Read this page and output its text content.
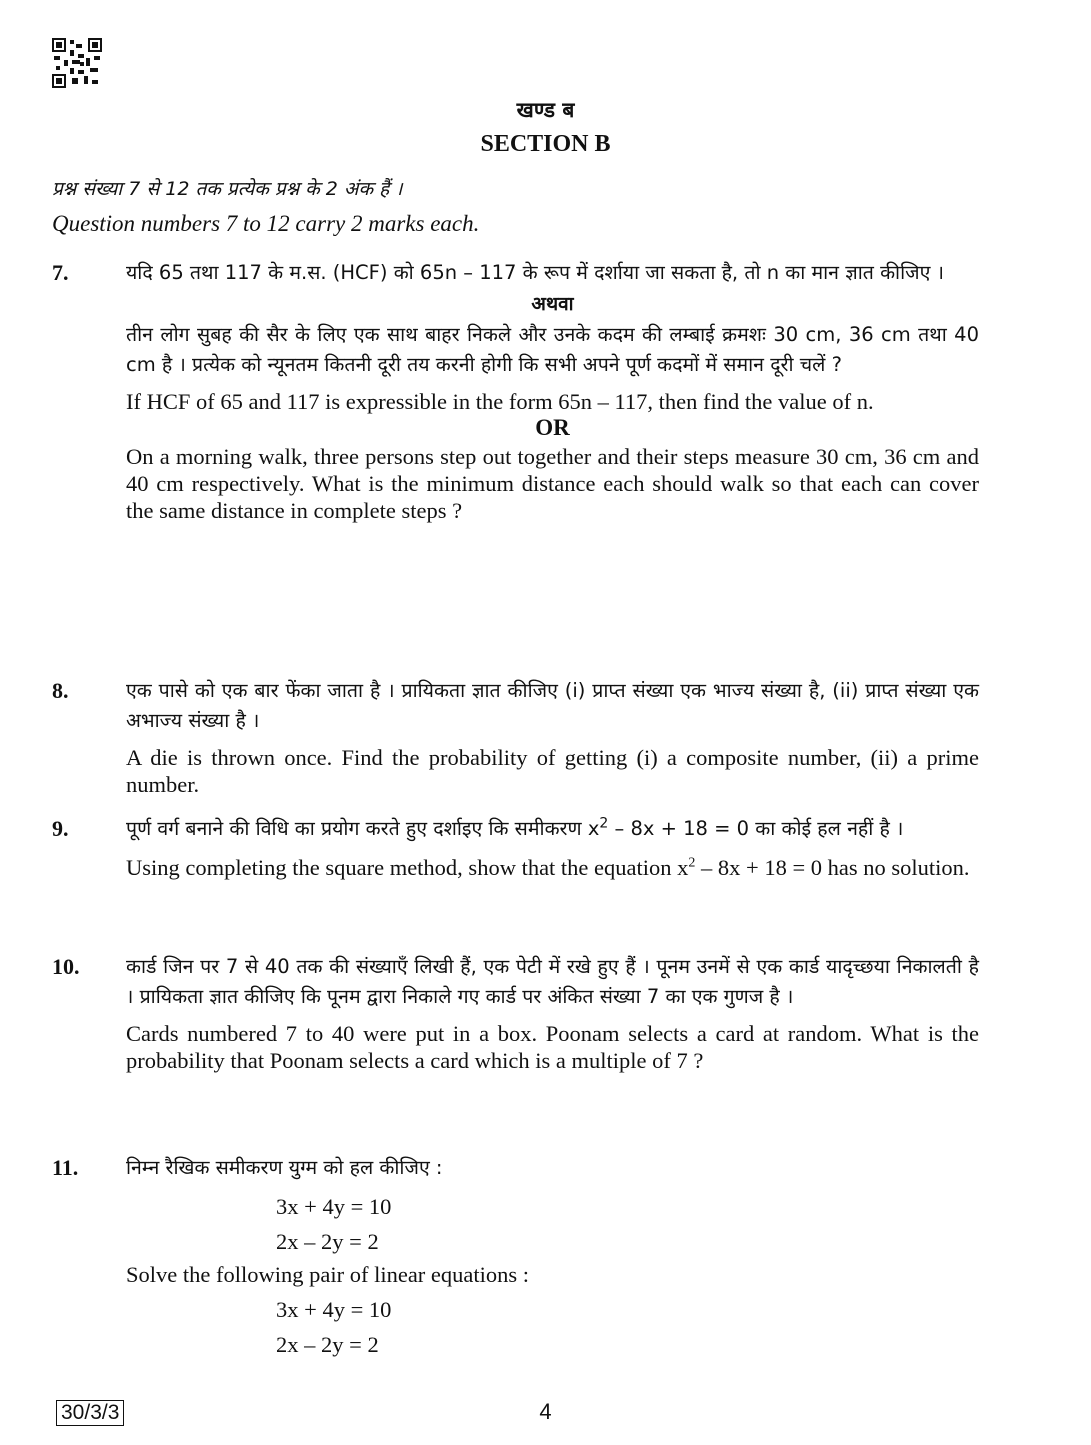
खण्ड ब
SECTION B
प्रश्न संख्या 7 से 12 तक प्रत्येक प्रश्न के 2 अंक हैं ।
Question numbers 7 to 12 carry 2 marks each.
7.	यदि 65 तथा 117 के म.स. (HCF) को 65n – 117 के रूप में दर्शाया जा सकता है, तो n का मान ज्ञात कीजिए ।

अथवा

तीन लोग सुबह की सैर के लिए एक साथ बाहर निकले और उनके कदम की लम्बाई क्रमशः 30 cm, 36 cm तथा 40 cm है । प्रत्येक को न्यूनतम कितनी दूरी तय करनी होगी कि सभी अपने पूर्ण कदमों में समान दूरी चलें ?

If HCF of 65 and 117 is expressible in the form 65n – 117, then find the value of n.

OR

On a morning walk, three persons step out together and their steps measure 30 cm, 36 cm and 40 cm respectively. What is the minimum distance each should walk so that each can cover the same distance in complete steps ?

8.	एक पासे को एक बार फेंका जाता है । प्रायिकता ज्ञात कीजिए (i) प्राप्त संख्या एक भाज्य संख्या है, (ii) प्राप्त संख्या एक अभाज्य संख्या है ।

A die is thrown once. Find the probability of getting (i) a composite number, (ii) a prime number.

9.	पूर्ण वर्ग बनाने की विधि का प्रयोग करते हुए दर्शाइए कि समीकरण $x^2 - 8x + 18 = 0$ का कोई हल नहीं है ।

Using completing the square method, show that the equation $x^2 - 8x + 18 = 0$ has no solution.

10. कार्ड जिन पर 7 से 40 तक की संख्याएँ लिखी हैं, एक पेटी में रखे हुए हैं । पूनम उनमें से एक कार्ड यादृच्छया निकालती है । प्रायिकता ज्ञात कीजिए कि पूनम द्वारा निकाले गए कार्ड पर अंकित संख्या 7 का एक गुणज है ।

Cards numbered 7 to 40 were put in a box. Poonam selects a card at random. What is the probability that Poonam selects a card which is a multiple of 7 ?

11. निम्न रैखिक समीकरण युग्म को हल कीजिए :

3x + 4y = 10
2x – 2y = 2

Solve the following pair of linear equations :

3x + 4y = 10
2x – 2y = 2
30/3/3	4
